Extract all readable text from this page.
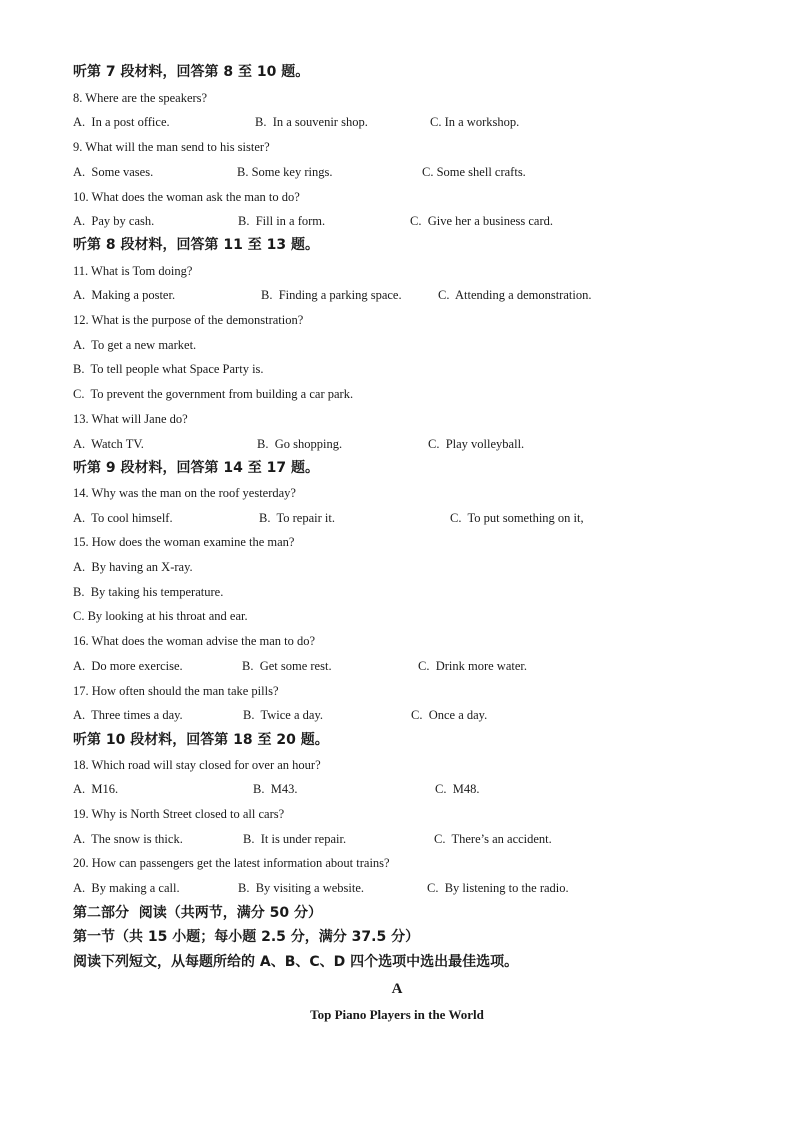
听第 7 段材料，回答第 8 至 10 题。
8. Where are the speakers?
A.  In a post office.	B.  In a souvenir shop.	C. In a workshop.
9. What will the man send to his sister?
A.  Some vases.	B. Some key rings.	C. Some shell crafts.
10. What does the woman ask the man to do?
A.  Pay by cash.	B.  Fill in a form.	C.  Give her a business card.
听第 8 段材料，回答第 11 至 13 题。
11. What is Tom doing?
A.  Making a poster.	B.  Finding a parking space.	C.  Attending a demonstration.
12. What is the purpose of the demonstration?
A.  To get a new market.
B.  To tell people what Space Party is.
C.  To prevent the government from building a car park.
13. What will Jane do?
A.  Watch TV.	B.  Go shopping.	C.  Play volleyball.
听第 9 段材料，回答第 14 至 17 题。
14. Why was the man on the roof yesterday?
A.  To cool himself.	B.  To repair it.	C.  To put something on it,
15. How does the woman examine the man?
A.  By having an X-ray.
B.  By taking his temperature.
C. By looking at his throat and ear.
16. What does the woman advise the man to do?
A.  Do more exercise.	B.  Get some rest.	C.  Drink more water.
17. How often should the man take pills?
A.  Three times a day.	B.  Twice a day.	C.  Once a day.
听第 10 段材料，回答第 18 至 20 题。
18. Which road will stay closed for over an hour?
A.  M16.	B.  M43.	C.  M48.
19. Why is North Street closed to all cars?
A.  The snow is thick.	B.  It is under repair.	C.  There’s an accident.
20. How can passengers get the latest information about trains?
A.  By making a call.	B.  By visiting a website.	C.  By listening to the radio.
第二部分  阅读（共两节，满分 50 分）
第一节（共 15 小题；每小题 2.5 分，满分 37.5 分）
阅读下列短文，从每题所给的 A、B、C、D 四个选项中选出最佳选项。
A
Top Piano Players in the World
